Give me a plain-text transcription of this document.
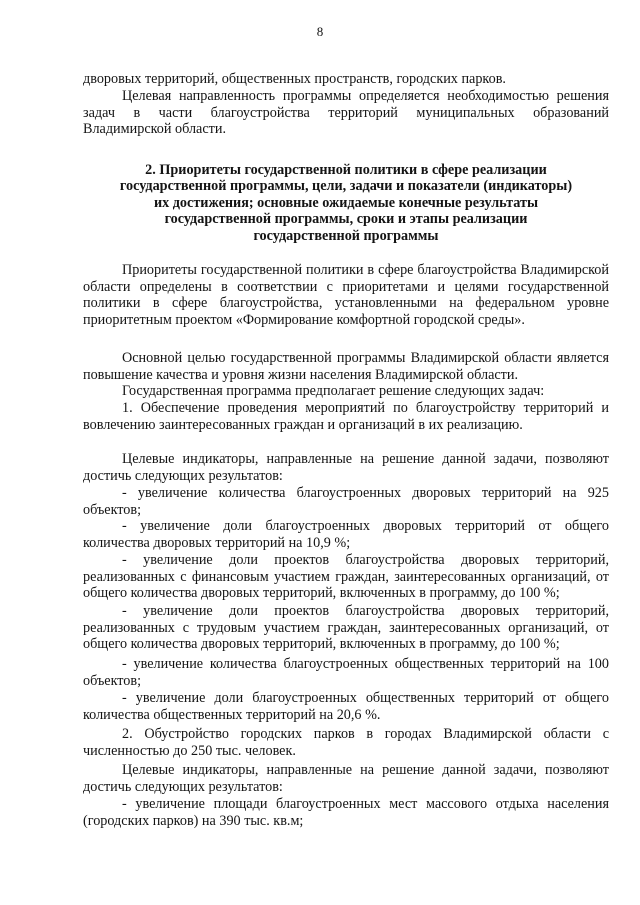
8
дворовых территорий, общественных пространств, городских парков.
Целевая направленность программы определяется необходимостью решения задач в части благоустройства территорий муниципальных образований Владимирской области.
2. Приоритеты государственной политики в сфере реализации
государственной программы, цели, задачи и показатели (индикаторы)
их достижения; основные ожидаемые конечные результаты
государственной программы, сроки и этапы реализации
государственной программы
Приоритеты государственной политики в сфере благоустройства Владимирской области определены в соответствии с приоритетами и целями государственной политики в сфере благоустройства, установленными на федеральном уровне приоритетным проектом «Формирование комфортной городской среды».
Основной целью государственной программы Владимирской области является повышение качества и уровня жизни населения Владимирской области.
Государственная программа предполагает решение следующих задач:
1. Обеспечение проведения мероприятий по благоустройству территорий и вовлечению заинтересованных граждан и организаций в их реализацию.
Целевые индикаторы, направленные на решение данной задачи, позволяют достичь следующих результатов:
- увеличение количества благоустроенных дворовых территорий на 925 объектов;
- увеличение доли благоустроенных дворовых территорий от общего количества дворовых территорий на 10,9 %;
- увеличение доли проектов благоустройства дворовых территорий, реализованных с финансовым участием граждан, заинтересованных организаций, от общего количества дворовых территорий, включенных в программу, до 100 %;
- увеличение доли проектов благоустройства дворовых территорий, реализованных с трудовым участием граждан, заинтересованных организаций, от общего количества дворовых территорий, включенных в программу, до 100 %;
- увеличение количества благоустроенных общественных территорий на 100 объектов;
- увеличение доли благоустроенных общественных территорий от общего количества общественных территорий на 20,6 %.
2. Обустройство городских парков в городах Владимирской области с численностью до 250 тыс. человек.
Целевые индикаторы, направленные на решение данной задачи, позволяют достичь следующих результатов:
- увеличение площади благоустроенных мест массового отдыха населения (городских парков) на 390 тыс. кв.м;
